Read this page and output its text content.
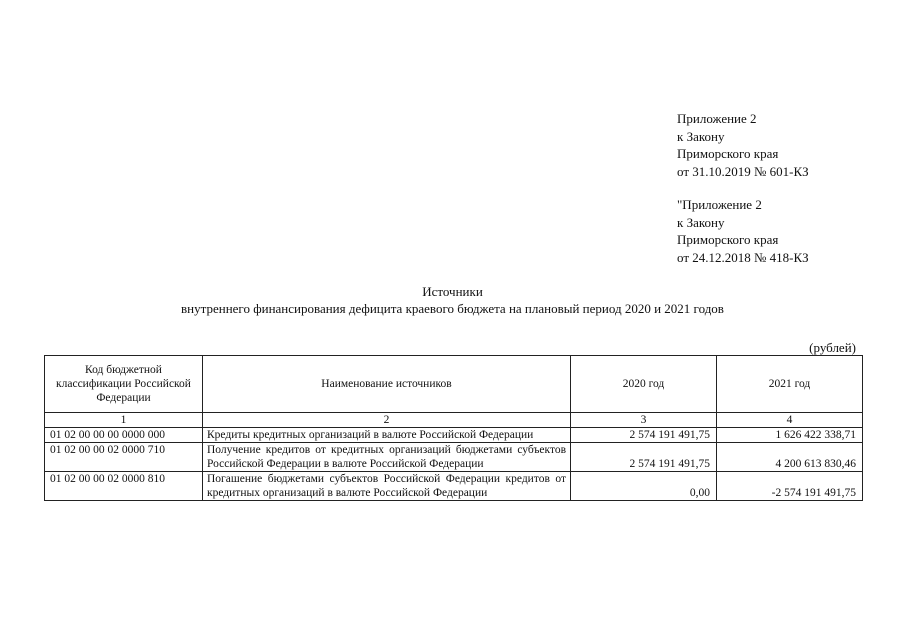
Приложение 2
к Закону
Приморского края
от 31.10.2019 № 601-КЗ
"Приложение 2
к Закону
Приморского края
от 24.12.2018 № 418-КЗ
Источники
внутреннего финансирования дефицита краевого бюджета на плановый период 2020 и 2021 годов
(рублей)
Код бюджетной классификации Российской Федерации	Наименование источников	2020 год	2021 год
1	2	3	4
01 02 00 00 00 0000 000	Кредиты кредитных организаций в валюте Российской Федерации	2 574 191 491,75	1 626 422 338,71
01 02 00 00 02 0000 710	Получение кредитов от кредитных организаций бюджетами субъектов Российской Федерации в валюте Российской Федерации	2 574 191 491,75	4 200 613 830,46
01 02 00 00 02 0000 810	Погашение бюджетами субъектов Российской Федерации кредитов от кредитных организаций в валюте Российской Федерации	0,00	-2 574 191 491,75
